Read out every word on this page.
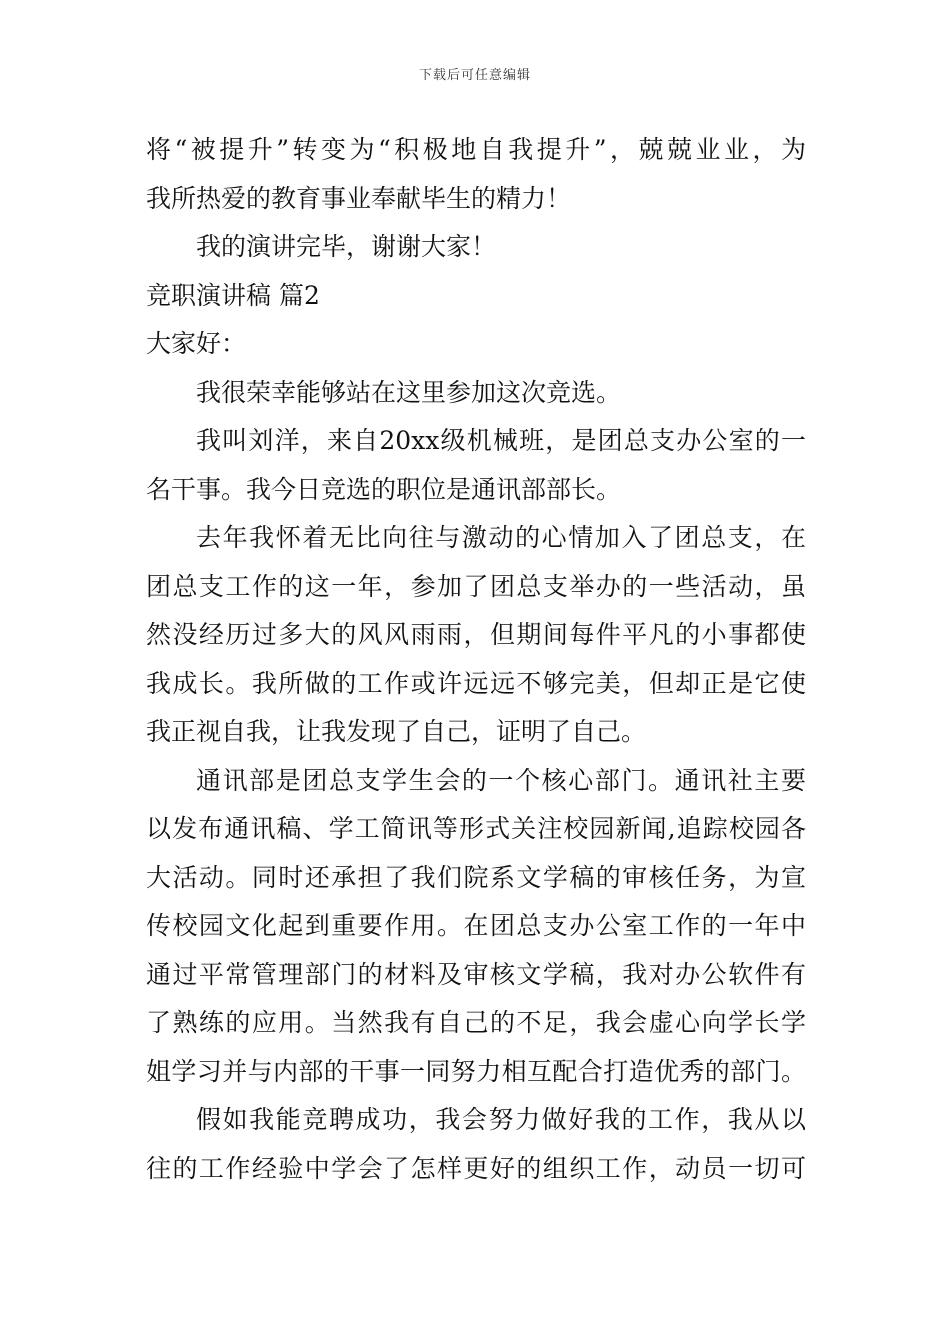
下载后可任意编辑
将“被提升”转变为“积极地自我提升”，兢兢业业，为
我所热爱的教育事业奉献毕生的精力！
我的演讲完毕，谢谢大家！
竞职演讲稿 篇2
大家好：
我很荣幸能够站在这里参加这次竞选。
我叫刘洋，来自20xx级机械班，是团总支办公室的一
名干事。我今日竞选的职位是通讯部部长。
去年我怀着无比向往与激动的心情加入了团总支，在
团总支工作的这一年，参加了团总支举办的一些活动，虽
然没经历过多大的风风雨雨，但期间每件平凡的小事都使
我成长。我所做的工作或许远远不够完美，但却正是它使
我正视自我，让我发现了自己，证明了自己。
通讯部是团总支学生会的一个核心部门。通讯社主要
以发布通讯稿、学工简讯等形式关注校园新闻,追踪校园各
大活动。同时还承担了我们院系文学稿的审核任务，为宣
传校园文化起到重要作用。在团总支办公室工作的一年中
通过平常管理部门的材料及审核文学稿，我对办公软件有
了熟练的应用。当然我有自己的不足，我会虚心向学长学
姐学习并与内部的干事一同努力相互配合打造优秀的部门。
假如我能竞聘成功，我会努力做好我的工作，我从以
往的工作经验中学会了怎样更好的组织工作，动员一切可
